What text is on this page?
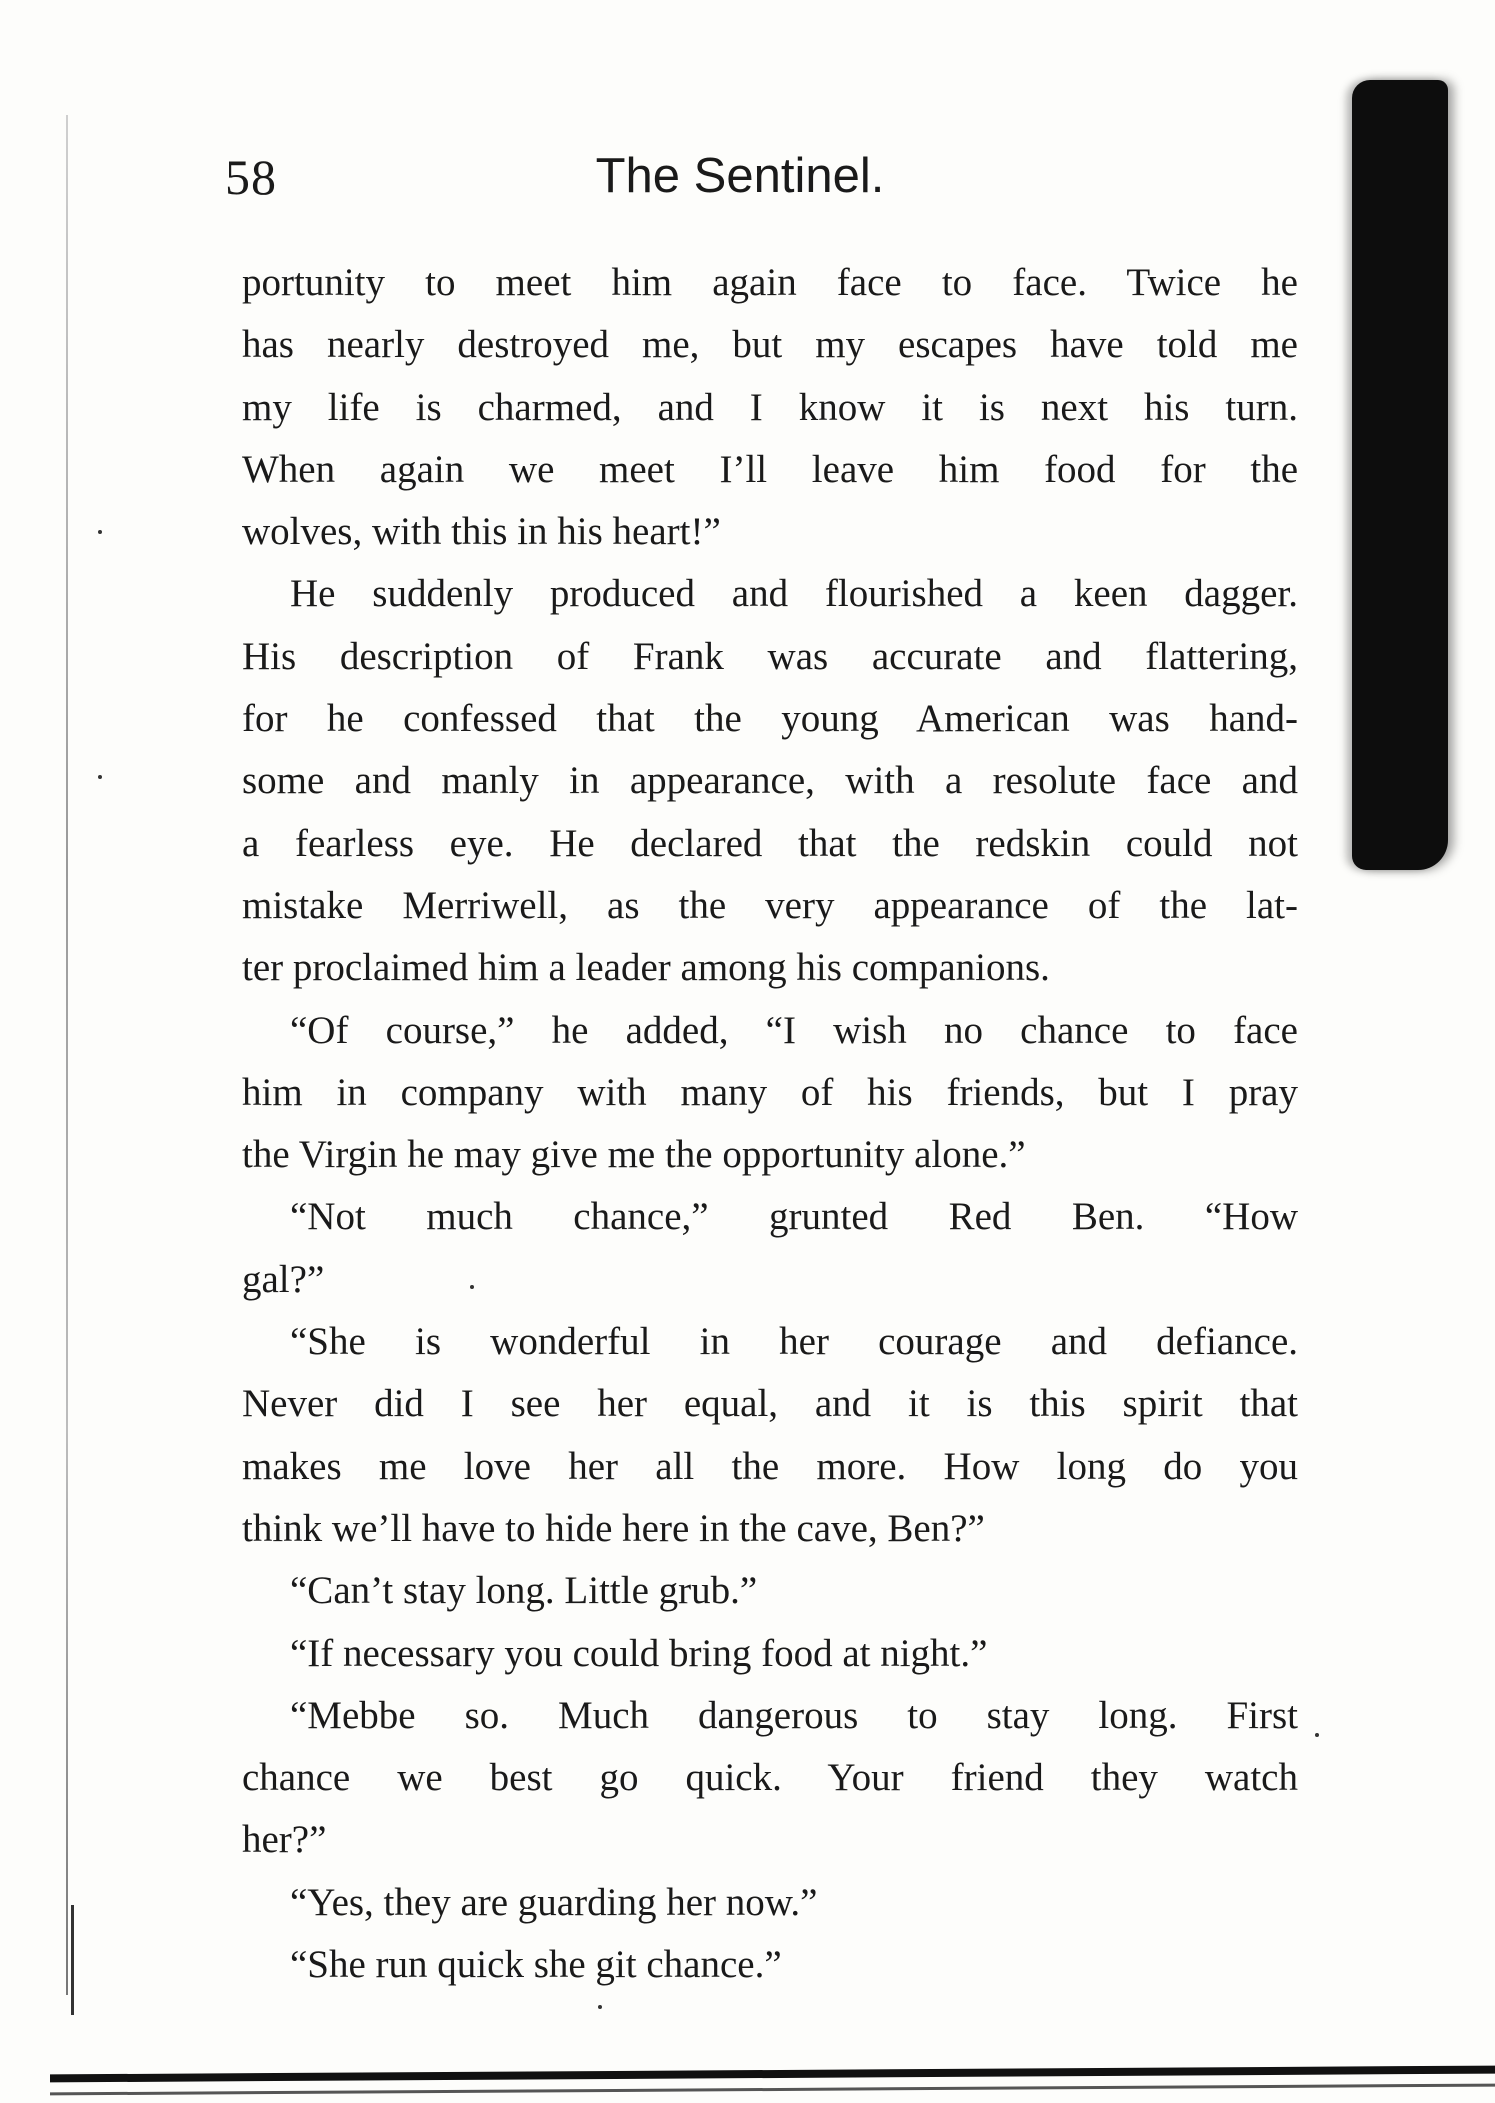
58	The Sentinel.
portunity to meet him again face to face. Twice he
has nearly destroyed me, but my escapes have told me
my life is charmed, and I know it is next his turn.
When again we meet I’ll leave him food for the
wolves, with this in his heart!”
He suddenly produced and flourished a keen dagger.
His description of Frank was accurate and flattering,
for he confessed that the young American was hand-
some and manly in appearance, with a resolute face and
a fearless eye. He declared that the redskin could not
mistake Merriwell, as the very appearance of the lat-
ter proclaimed him a leader among his companions.
“Of course,” he added, “I wish no chance to face
him in company with many of his friends, but I pray
the Virgin he may give me the opportunity alone.”
“Not much chance,” grunted Red Ben. “How
gal?”
“She is wonderful in her courage and defiance.
Never did I see her equal, and it is this spirit that
makes me love her all the more. How long do you
think we’ll have to hide here in the cave, Ben?”
“Can’t stay long. Little grub.”
“If necessary you could bring food at night.”
“Mebbe so. Much dangerous to stay long. First
chance we best go quick. Your friend they watch
her?”
“Yes, they are guarding her now.”
“She run quick she git chance.”
